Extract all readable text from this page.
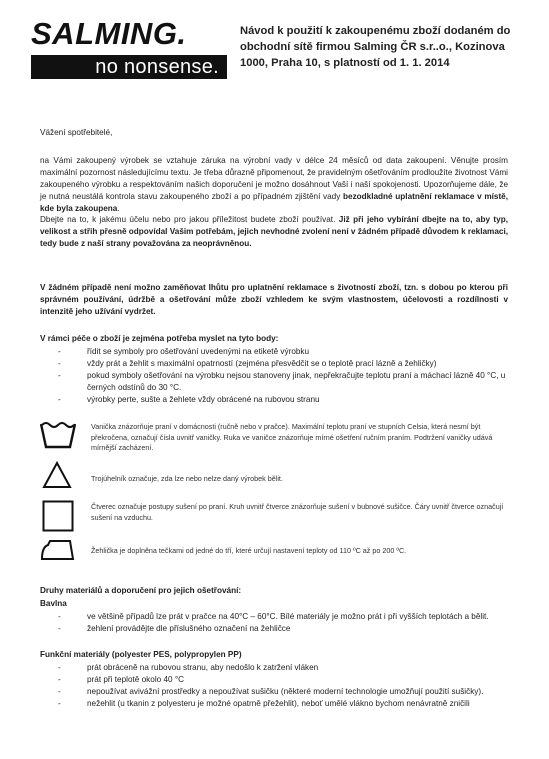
SALMING.
no nonsense.
Návod k použití k zakoupenému zboží dodaném do obchodní sítě firmou Salming ČR s.r..o., Kozinova 1000, Praha 10, s platností od 1. 1. 2014
Vážení spotřebitelé,
na Vámi zakoupený výrobek se vztahuje záruka na výrobní vady v délce 24 měsíců od data zakoupení. Věnujte prosím maximální pozornost následujícímu textu. Je třeba důrazně připomenout, že pravidelným ošetřováním prodloužíte životnost Vámi zakoupeného výrobku a respektováním našich doporučení je možno dosáhnout Vaší i naší spokojenosti. Upozorňujeme dále, že je nutná neustálá kontrola stavu zakoupeného zboží a po případném zjištění vady bezodkladné uplatnění reklamace v místě, kde byla zakoupena.
Dbejte na to, k jakému účelu nebo pro jakou příležitost budete zboží používat. Již při jeho vybírání dbejte na to, aby typ, velikost a střih přesně odpovídal Vašim potřebám, jejich nevhodné zvolení není v žádném případě důvodem k reklamaci, tedy bude z naší strany považována za neoprávněnou.
V žádném případě není možno zaměňovat lhůtu pro uplatnění reklamace s životností zboží, tzn. s dobou po kterou při správném používání, údržbě a ošetřování může zboží vzhledem ke svým vlastnostem, účelovosti a rozdílnosti v intenzitě jeho užívání vydržet.
V rámci péče o zboží je zejména potřeba myslet na tyto body:
-	řídit se symboly pro ošetřování uvedenými na etiketě výrobku
-	vždy prát a žehlit s maximální opatrností (zejména přesvědčit se o teplotě prací lázně a žehličky)
-	pokud symboly ošetřování na výrobku nejsou stanoveny jinak, nepřekračujte teplotu praní a máchací lázně 40 °C, u černých odstínů do 30 °C.
-	výrobky perte, sušte a žehlete vždy obrácené na rubovou stranu
Vanička znázorňuje praní v domácnosti (ručně nebo v pračce). Maximální teplotu praní ve stupních Celsia, která nesmí být překročena, označují čísla uvnitř vaničky. Ruka ve vaničce znázorňuje mírné ošetření ručním praním. Podtržení vaničky udává mírnější zacházení.
Trojúhelník označuje, zda lze nebo nelze daný výrobek bělit.
Čtverec označuje postupy sušení po praní. Kruh uvnitř čtverce znázorňuje sušení v bubnové sušičce. Čáry uvnitř čtverce označují sušení na vzduchu.
Žehlička je doplněna tečkami od jedné do tří, které určují nastavení teploty od 110 ºC až po 200 ºC.
Druhy materiálů a doporučení pro jejich ošetřování:
Bavlna
-	ve většině případů lze prát v pračce na 40°C – 60°C. Bílé materiály je možno prát i při vyšších teplotách a bělit.
-	žehlení provádějte dle příslušného označení na žehličce
Funkční materiály (polyester PES, polypropylen PP)
-	prát obráceně na rubovou stranu, aby nedošlo k zatržení vláken
-	prát při teplotě okolo 40 °C
-	nepoužívat avivážní prostředky a nepoužívat sušičku (některé moderní technologie umožňují použití sušičky).
-	nežehlit (u tkanin z polyesteru je možné opatrně přežehlit), neboť umělé vlákno bychom nenávratně zničili
